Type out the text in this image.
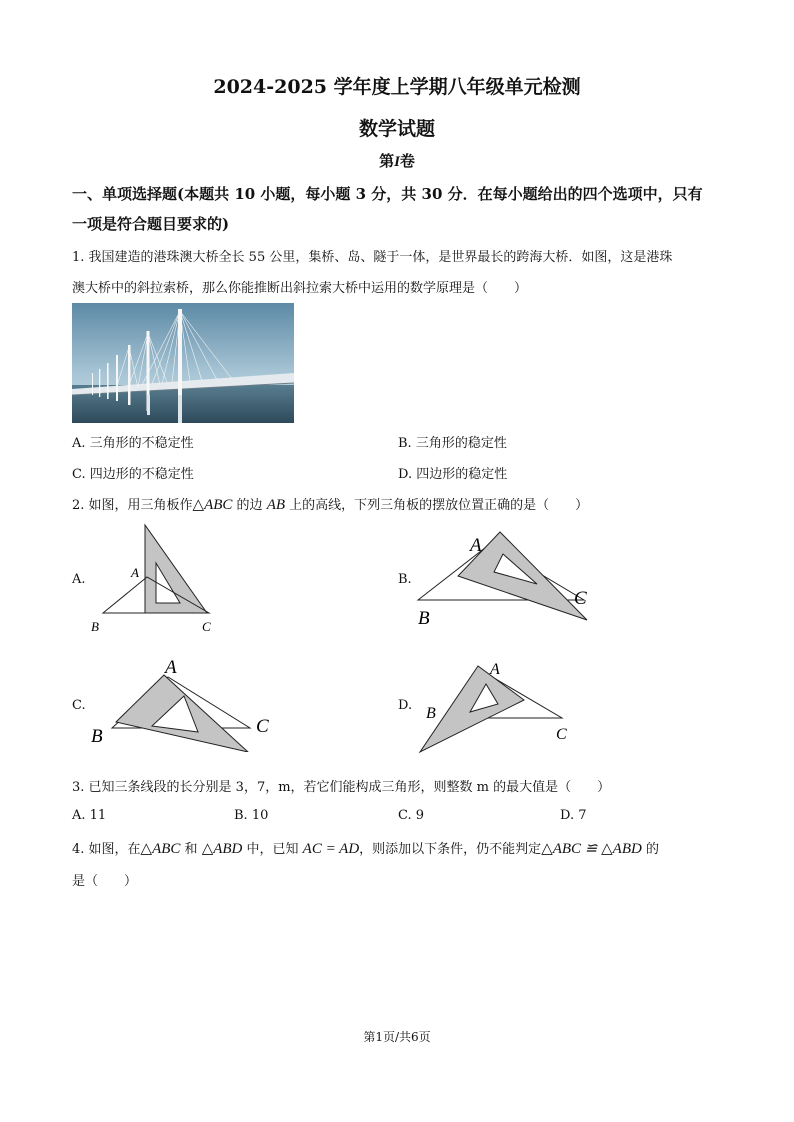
2024-2025 学年度上学期八年级单元检测
数学试题
第I卷
一、单项选择题(本题共 10 小题，每小题 3 分，共 30 分．在每小题给出的四个选项中，只有
一项是符合题目要求的)
1. 我国建造的港珠澳大桥全长 55 公里，集桥、岛、隧于一体，是世界最长的跨海大桥．如图，这是港珠
澳大桥中的斜拉索桥，那么你能推断出斜拉索大桥中运用的数学原理是（　　）
A. 三角形的不稳定性	B. 三角形的稳定性
C. 四边形的不稳定性	D. 四边形的稳定性
2. 如图，用三角板作△ABC 的边 AB 上的高线，下列三角板的摆放位置正确的是（　　）
A.	B.
C.	D.
A
B	C
A
B
C
A
B	C
A
B
C
3. 已知三条线段的长分别是 3，7，m，若它们能构成三角形，则整数 m 的最大值是（　　）
A. 11	B. 10	C. 9	D. 7
4. 如图，在△ABC 和 △ABD 中，已知 AC = AD，则添加以下条件，仍不能判定△ABC ≌ △ABD 的
是（　　）
第1页/共6页
